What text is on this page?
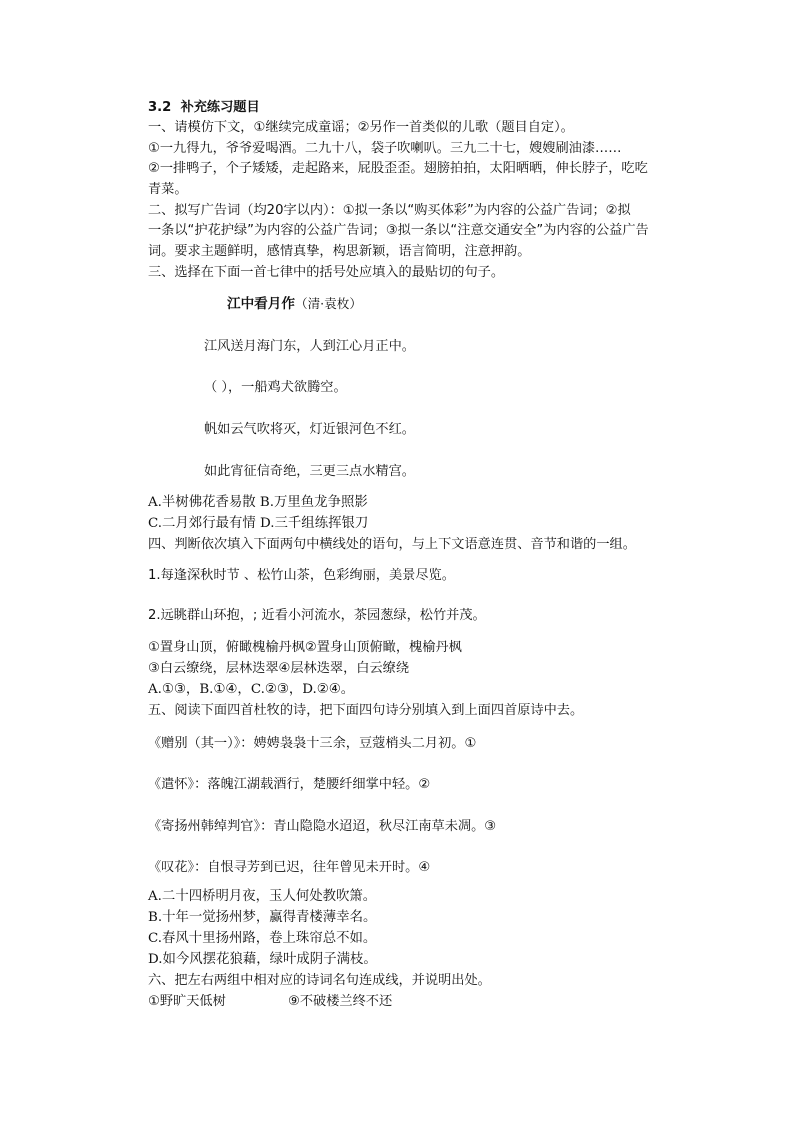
3.2 补充练习题目
一、请模仿下文，①继续完成童谣；②另作一首类似的儿歌（题目自定）。
①一九得九，爷爷爱喝酒。二九十八，袋子吹喇叭。三九二十七，嫂嫂刷油漆……
②一排鸭子，个子矮矮，走起路来，屁股歪歪。翅膀拍拍，太阳晒晒，伸长脖子，吃吃
青菜。
二、拟写广告词（均20字以内）：①拟一条以“购买体彩”为内容的公益广告词；②拟
一条以“护花护绿”为内容的公益广告词；③拟一条以“注意交通安全”为内容的公益广告
词。要求主题鲜明，感情真挚，构思新颖，语言简明，注意押韵。
三、选择在下面一首七律中的括号处应填入的最贴切的句子。
江中看月作（清·袁枚）
江风送月海门东，人到江心月正中。
（ ），一船鸡犬欲腾空。
帆如云气吹将灭，灯近银河色不红。
如此宵征信奇绝，三更三点水精宫。
A.半树佛花香易散 B.万里鱼龙争照影
C.二月郊行最有情 D.三千组练挥银刀
四、判断依次填入下面两句中横线处的语句，与上下文语意连贯、音节和谐的一组。
1.每逢深秋时节 、松竹山茶，色彩绚丽，美景尽览。
2.远眺群山环抱，; 近看小河流水，茶园葱绿，松竹并茂。
①置身山顶，俯瞰槐榆丹枫②置身山顶俯瞰，槐榆丹枫
③白云缭绕，层林迭翠④层林迭翠，白云缭绕
A.①③，B.①④，C.②③，D.②④。
五、阅读下面四首杜牧的诗，把下面四句诗分别填入到上面四首原诗中去。
《赠别（其一）》：娉娉袅袅十三余，豆蔻梢头二月初。①
《遣怀》：落魄江湖载酒行，楚腰纤细掌中轻。②
《寄扬州韩绰判官》：青山隐隐水迢迢，秋尽江南草未凋。③
《叹花》：自恨寻芳到已迟，往年曾见未开时。④
A.二十四桥明月夜，玉人何处教吹箫。
B.十年一觉扬州梦，赢得青楼薄幸名。
C.春风十里扬州路，卷上珠帘总不如。
D.如今风摆花狼藉，绿叶成阴子满枝。
六、把左右两组中相对应的诗词名句连成线，并说明出处。
①野旷天低树	⑨不破楼兰终不还
